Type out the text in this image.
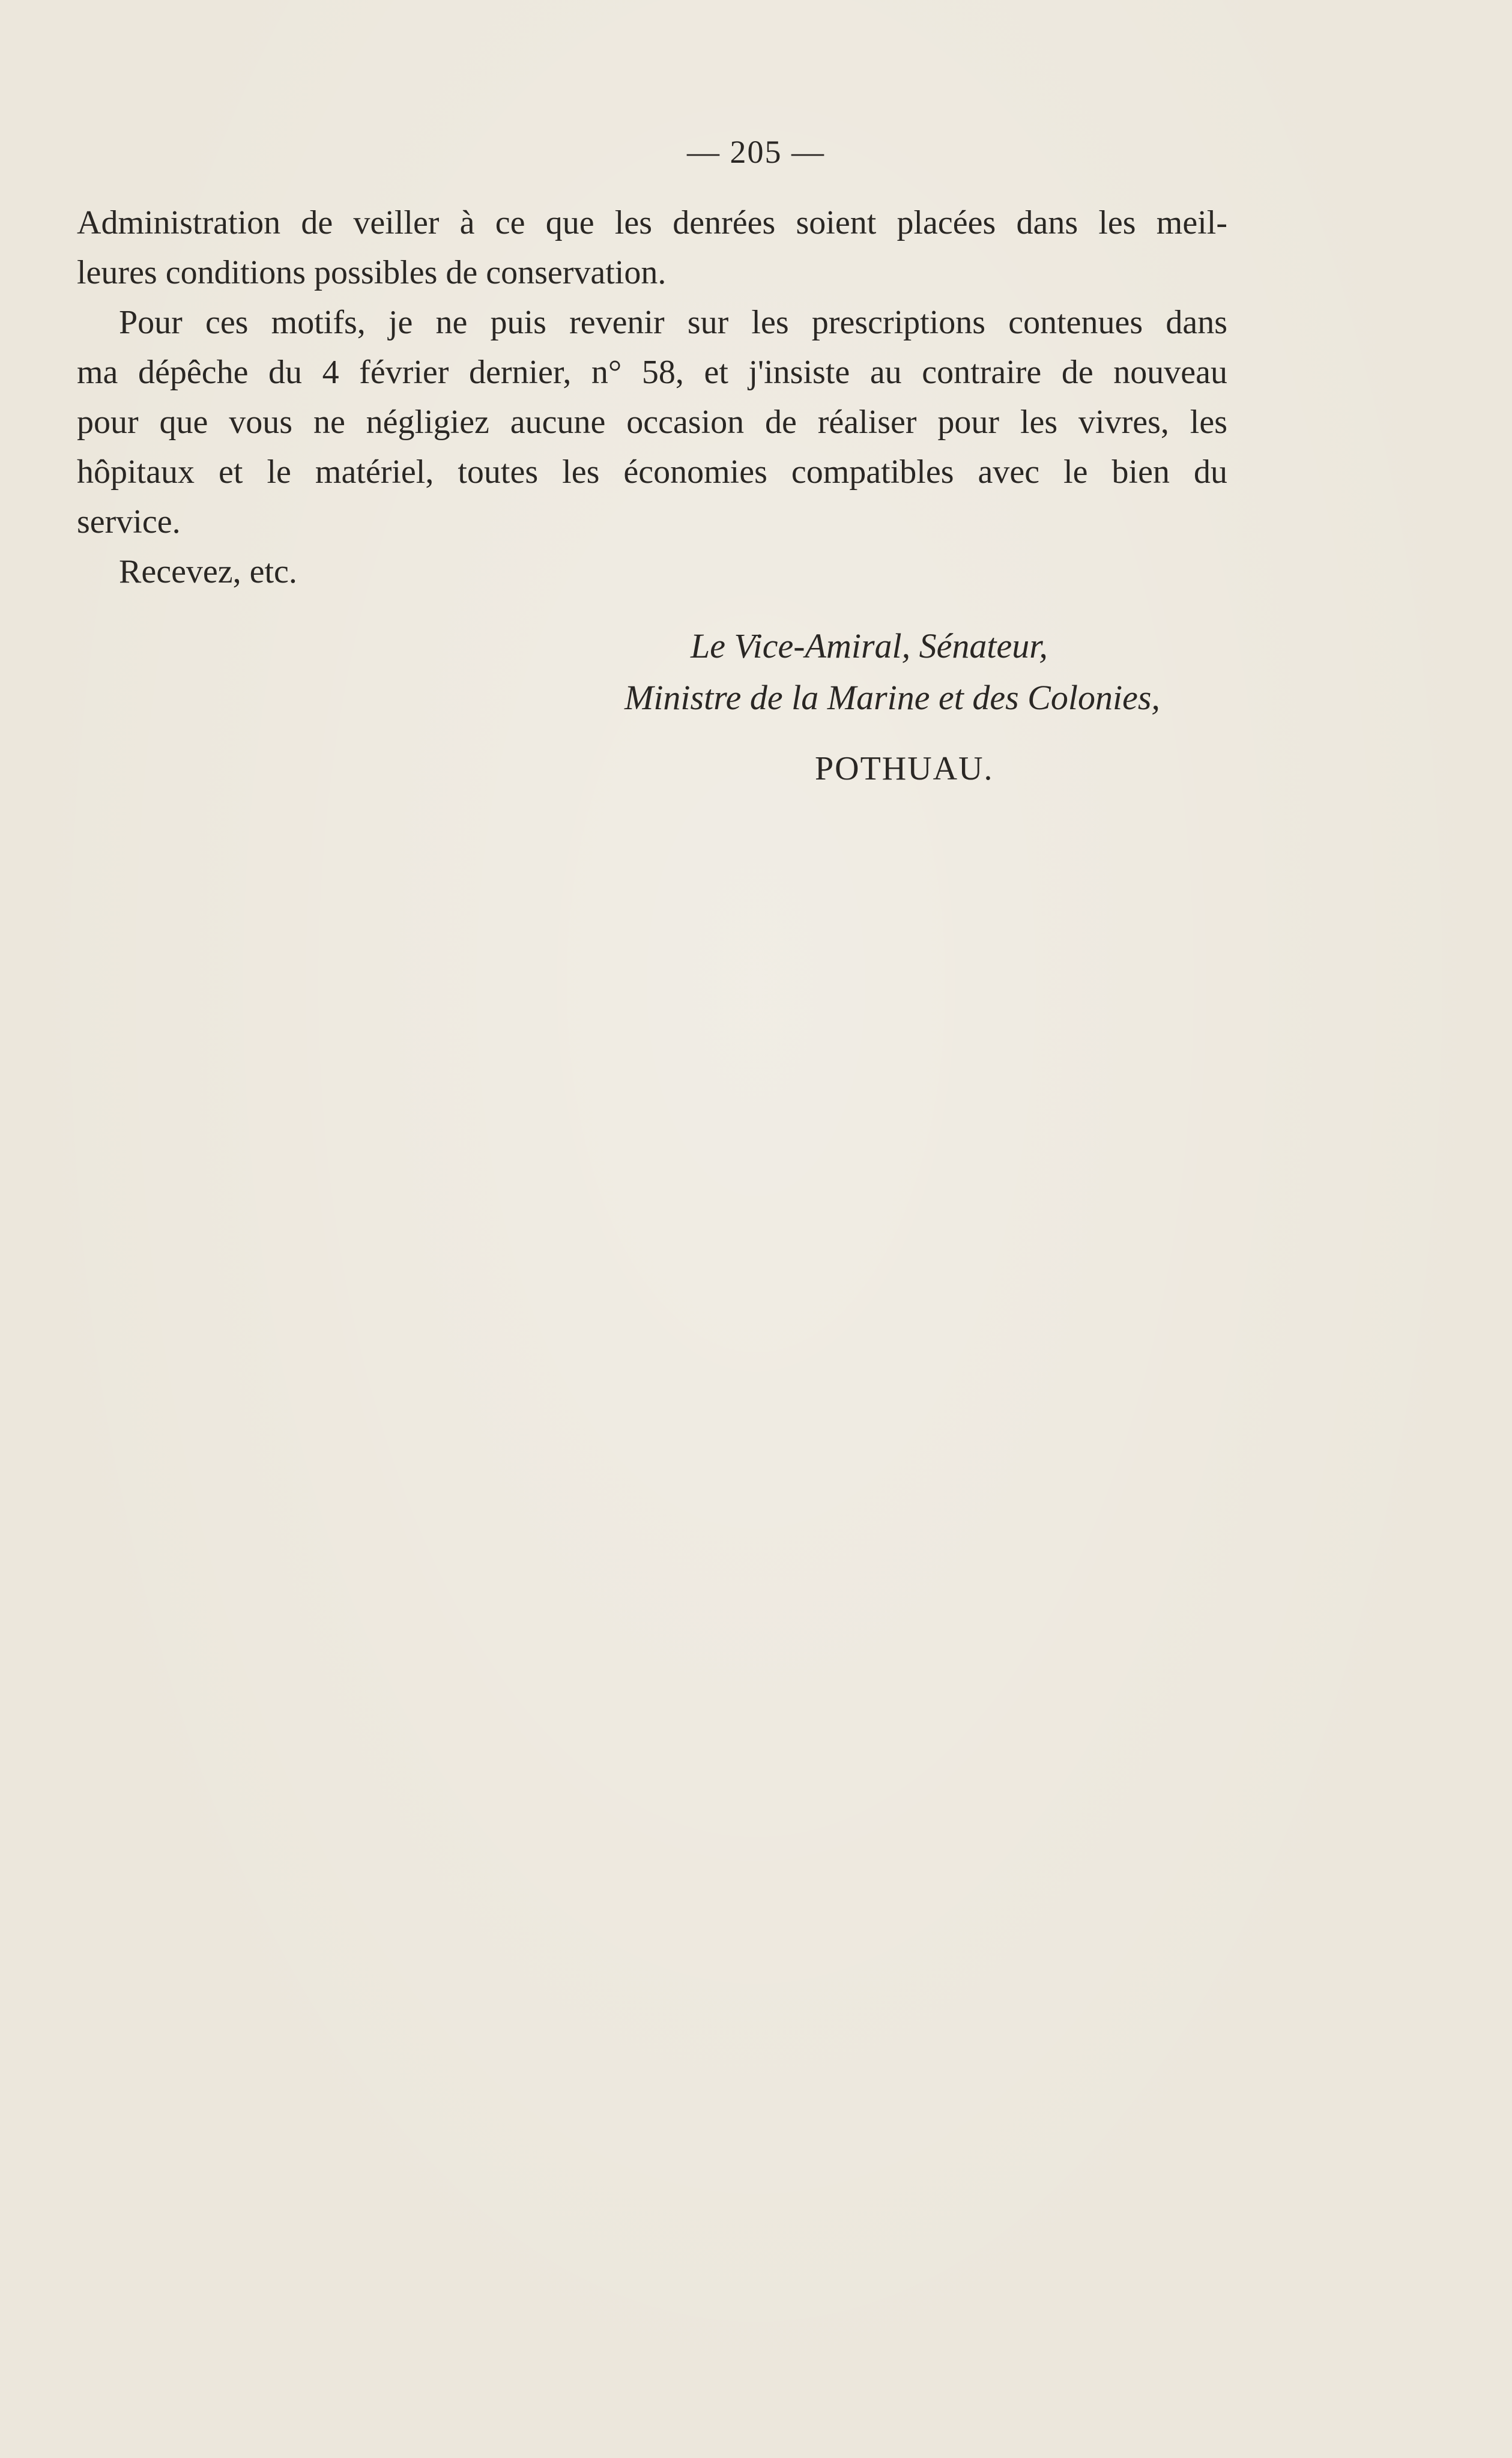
— 205 —
Administration de veiller à ce que les denrées soient placées dans les meil-
leures conditions possibles de conservation.
Pour ces motifs, je ne puis revenir sur les prescriptions contenues dans
ma dépêche du 4 février dernier, n° 58, et j'insiste au contraire de nouveau
pour que vous ne négligiez aucune occasion de réaliser pour les vivres, les
hôpitaux et le matériel, toutes les économies compatibles avec le bien du
service.
Recevez, etc.
Le Vice-Amiral, Sénateur,
Ministre de la Marine et des Colonies,
POTHUAU.
